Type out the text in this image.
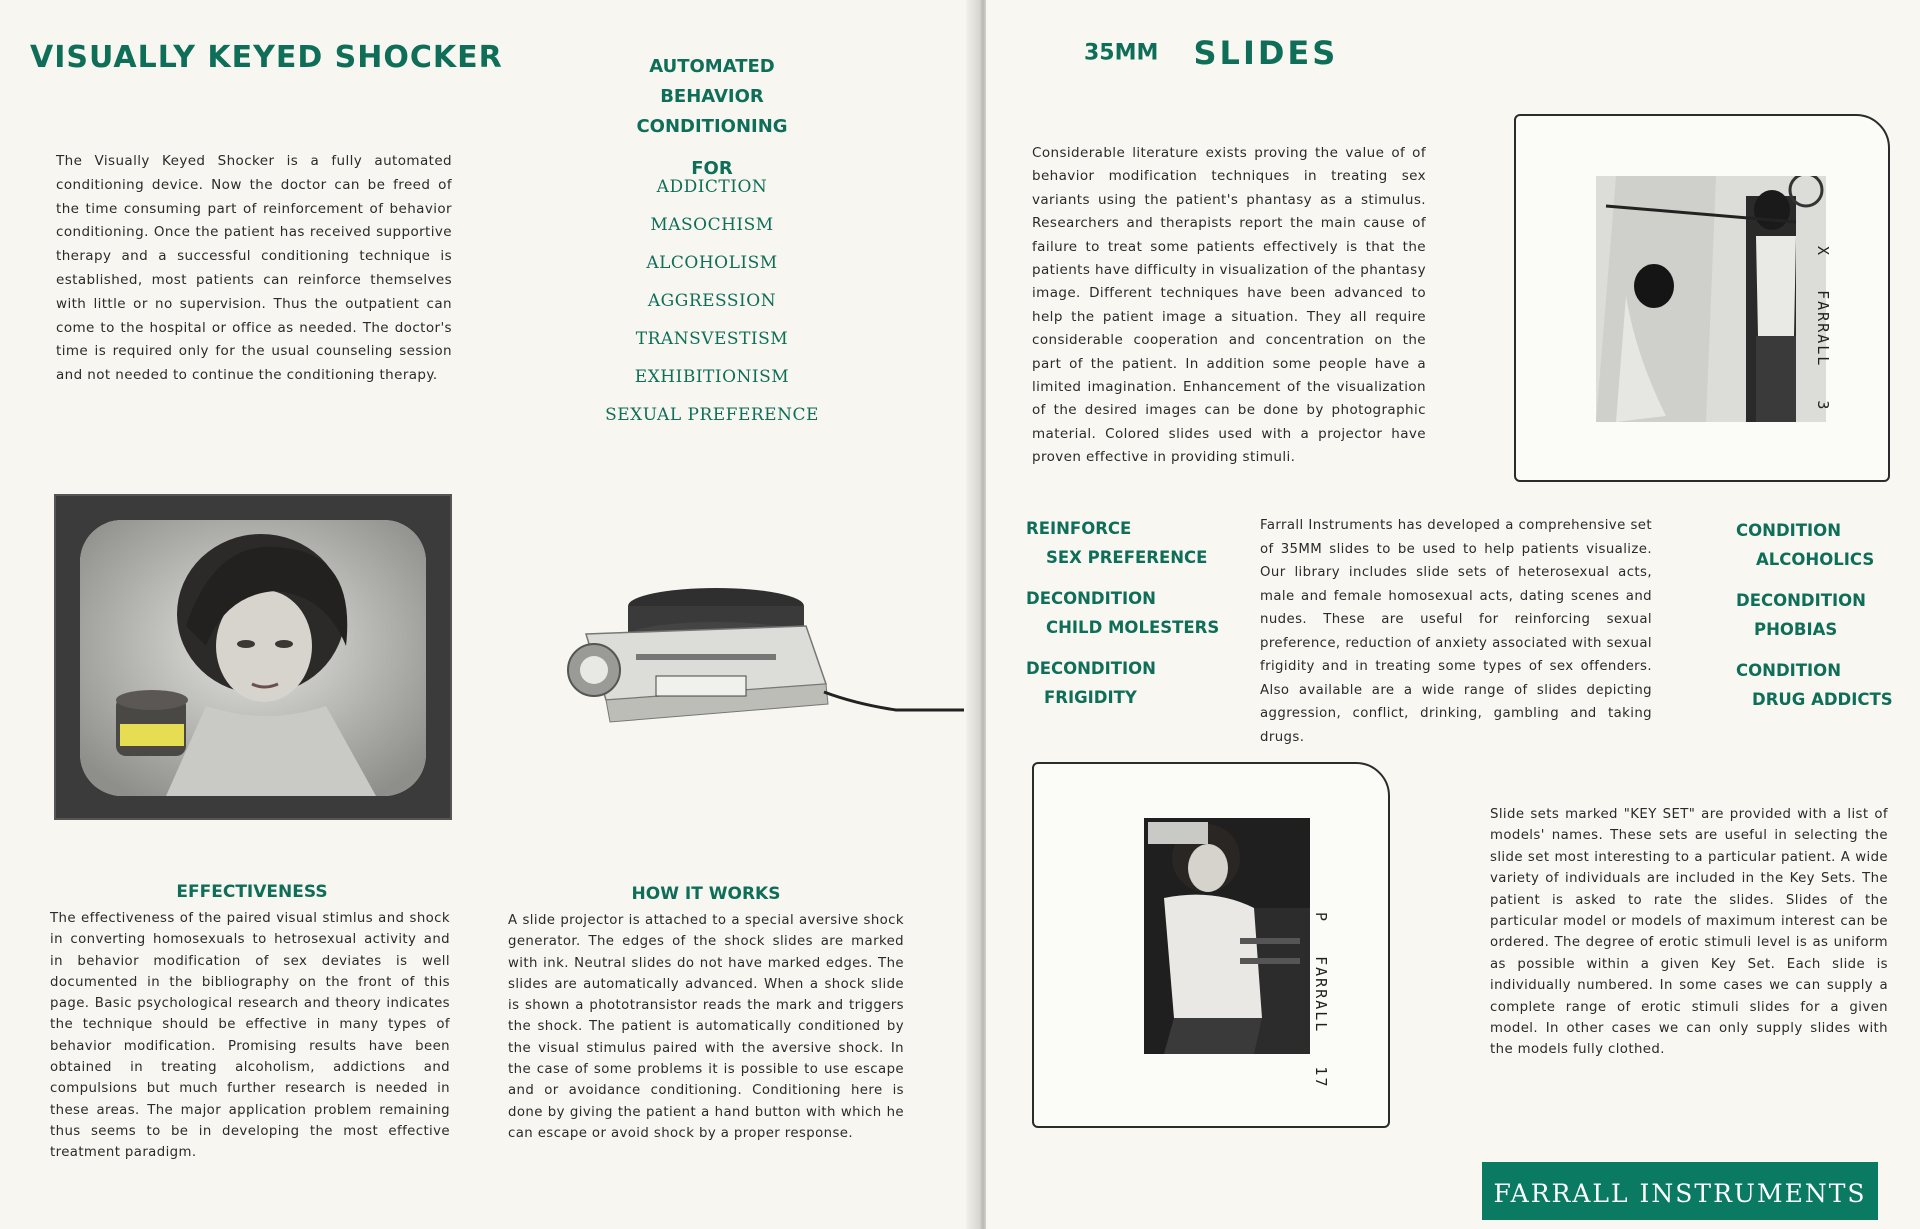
VISUALLY KEYED SHOCKER

The Visually Keyed Shocker is a fully automated conditioning device. Now the doctor can be freed of the time consuming part of reinforcement of behavior conditioning. Once the patient has received supportive therapy and a successful conditioning technique is established, most patients can reinforce themselves with little or no supervision. Thus the outpatient can come to the hospital or office as needed. The doctor's time is required only for the usual counseling session and not needed to continue the conditioning therapy.

AUTOMATED

BEHAVIOR CONDITIONING

FOR

ADDICTION
MASOCHISM
ALCOHOLISM
AGGRESSION
TRANSVESTISM
EXHIBITIONISM
SEXUAL PREFERENCE
EFFECTIVENESS

The effectiveness of the paired visual stimlus and shock in converting homosexuals to hetrosexual activity and in behavior modification of sex deviates is well documented in the bibliography on the front of this page. Basic psychological research and theory indicates the technique should be effective in many types of behavior modification. Promising results have been obtained in treating alcoholism, addictions and compulsions but much further research is needed in these areas. The major application problem remaining thus seems to be in developing the most effective treatment paradigm.

HOW IT WORKS

A slide projector is attached to a special aversive shock generator. The edges of the shock slides are marked with ink. Neutral slides do not have marked edges. The slides are automatically advanced. When a shock slide is shown a phototransistor reads the mark and triggers the shock. The patient is automatically conditioned by the visual stimulus paired with the aversive shock. In the case of some problems it is possible to use escape and or avoidance conditioning. Conditioning here is done by giving the patient a hand button with which he can escape or avoid shock by a proper response.

35MM SLIDES

Considerable literature exists proving the value of of behavior modification techniques in treating sex variants using the patient's phantasy as a stimulus. Researchers and therapists report the main cause of failure to treat some patients effectively is that the patients have difficulty in visualization of the phantasy image. Different techniques have been advanced to help the patient image a situation. They all require considerable cooperation and concentration on the part of the patient. In addition some people have a limited imagination. Enhancement of the visualization of the desired images can be done by photographic material. Colored slides used with a projector have proven effective in providing stimuli.

X   FARRALL   3
REINFORCE
SEX PREFERENCE
DECONDITION
CHILD MOLESTERS
DECONDITION
FRIGIDITY

Farrall Instruments has developed a comprehensive set of 35MM slides to be used to help patients visualize. Our library includes slide sets of heterosexual acts, male and female homosexual acts, dating scenes and nudes. These are useful for reinforcing sexual preference, reduction of anxiety associated with sexual frigidity and in treating some types of sex offenders. Also available are a wide range of slides depicting aggression, conflict, drinking, gambling and taking drugs.

CONDITION
ALCOHOLICS
DECONDITION
PHOBIAS
CONDITION
DRUG ADDICTS
P   FARRALL   17

Slide sets marked "KEY SET" are provided with a list of models' names. These sets are useful in selecting the slide set most interesting to a particular patient. A wide variety of individuals are included in the Key Sets. The patient is asked to rate the slides. Slides of the particular model or models of maximum interest can be ordered. The degree of erotic stimuli level is as uniform as possible within a given Key Set. Each slide is individually numbered. In some cases we can supply a complete range of erotic stimuli slides for a given model. In other cases we can only supply slides with the models fully clothed.

FARRALL INSTRUMENTS
